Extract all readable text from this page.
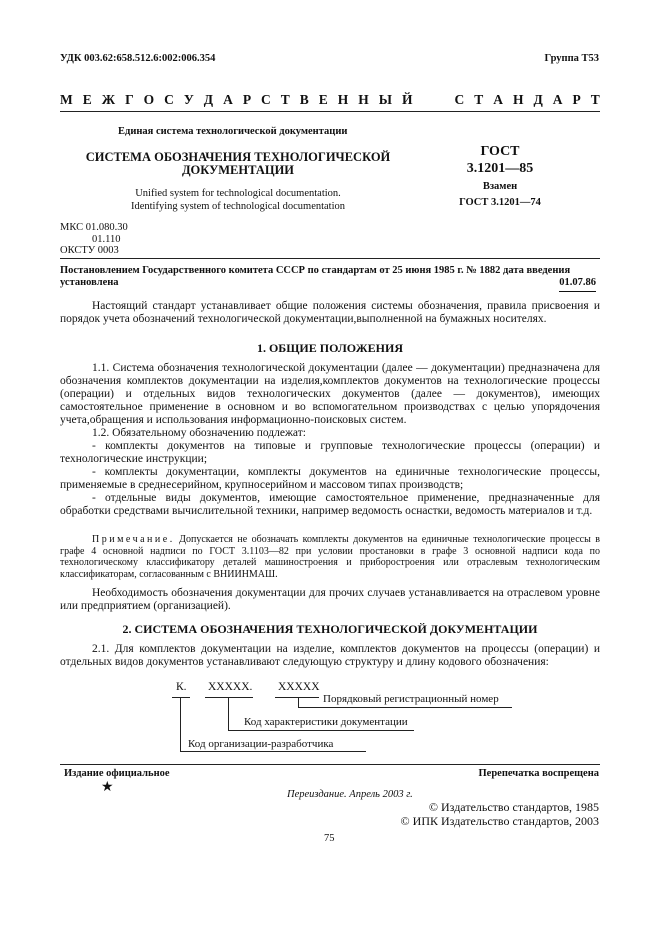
УДК 003.62:658.512.6:002:006.354	Группа Т53
М Е Ж Г О С У Д А Р С Т В Е Н Н Ы Й	С Т А Н Д А Р Т
Единая система технологической документации
СИСТЕМА ОБОЗНАЧЕНИЯ ТЕХНОЛОГИЧЕСКОЙ
ДОКУМЕНТАЦИИ
Unified system for technological documentation.
Identifying system of technological documentation
ГОСТ
3.1201—85
Взамен
ГОСТ 3.1201—74
МКС 01.080.30
01.110
ОКСТУ 0003
Постановлением Государственного комитета СССР по стандартам от 25 июня 1985 г. № 1882 дата введения
установлена	01.07.86
Настоящий стандарт устанавливает общие положения системы обозначения, правила присвоения и порядок учета обозначений технологической документации,выполненной на бумажных носителях.
1. ОБЩИЕ ПОЛОЖЕНИЯ
1.1. Система обозначения технологической документации (далее — документации) предназначена для обозначения комплектов документации на изделия,комплектов документов на технологические процессы (операции) и отдельных видов технологических документов (далее — документов), имеющих самостоятельное применение в основном и во вспомогательном производствах с целью упорядочения учета,обращения и использования информационно-поисковых систем.
1.2. Обязательному обозначению подлежат:
- комплекты документов на типовые и групповые технологические процессы (операции) и технологические инструкции;
- комплекты документации, комплекты документов на единичные технологические процессы, применяемые в среднесерийном, крупносерийном и массовом типах производств;
- отдельные виды документов, имеющие самостоятельное применение, предназначенные для обработки средствами вычислительной техники, например ведомость оснастки, ведомость материалов и т.д.
Примечание. Допускается не обозначать комплекты документов на единичные технологические процессы в графе 4 основной надписи по ГОСТ 3.1103—82 при условии простановки в графе 3 основной надписи кода по технологическому классификатору деталей машиностроения и приборостроения или отраслевым технологическим классификаторам, согласованным с ВНИИНМАШ.
Необходимость обозначения документации для прочих случаев устанавливается на отраслевом уровне или предприятием (организацией).
2. СИСТЕМА ОБОЗНАЧЕНИЯ ТЕХНОЛОГИЧЕСКОЙ ДОКУМЕНТАЦИИ
2.1. Для комплектов документации на изделие, комплектов документов на процессы (операции) и отдельных видов документов устанавливают следующую структуру и длину кодового обозначения:
К. XXXXX. XXXXX
Код организации-разработчика
Код характеристики документации
Порядковый регистрационный номер
Издание официальное	Перепечатка воспрещена
★	Переиздание. Апрель 2003 г.
© Издательство стандартов, 1985
© ИПК Издательство стандартов, 2003
75
